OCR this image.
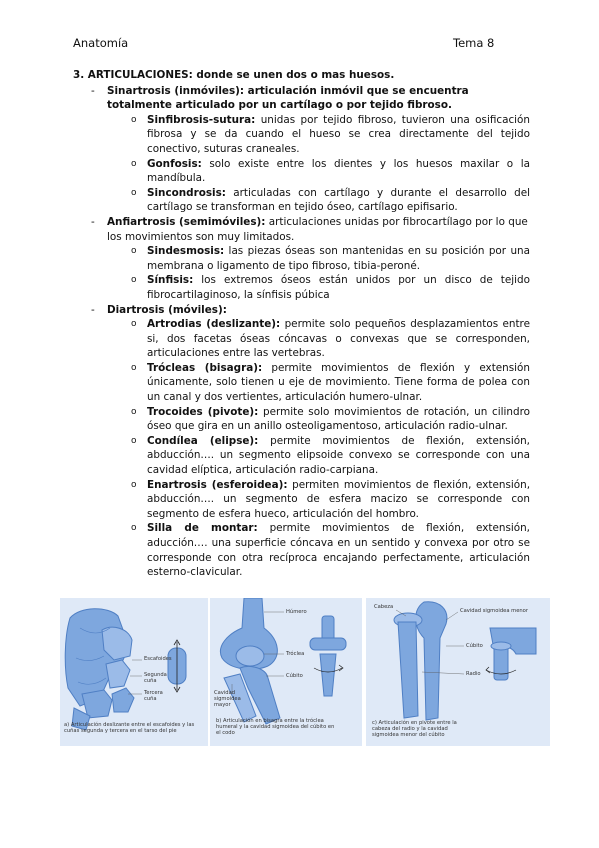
Anatomía	Tema 8
3. ARTICULACIONES: donde se unen dos o mas huesos.
- Sinartrosis (inmóviles): articulación inmóvil que se encuentra totalmente articulado por un cartílago o por tejido fibroso.
o Sinfibrosis-sutura: unidas por tejido fibroso, tuvieron una osificación fibrosa y se da cuando el hueso se crea directamente del tejido conectivo, suturas craneales.
o Gonfosis: solo existe entre los dientes y los huesos maxilar o la mandíbula.
o Sincondrosis: articuladas con cartílago y durante el desarrollo del cartílago se transforman en tejido óseo, cartílago epifisario.
- Anfiartrosis (semimóviles): articulaciones unidas por fibrocartílago por lo que los movimientos son muy limitados.
o Sindesmosis: las piezas óseas son mantenidas en su posición por una membrana o ligamento de tipo fibroso, tibia-peroné.
o Sínfisis: los extremos óseos están unidos por un disco de tejido fibrocartilaginoso, la sínfisis púbica
- Diartrosis (móviles):
o Artrodias (deslizante): permite solo pequeños desplazamientos entre si, dos facetas óseas cóncavas o convexas que se corresponden, articulaciones entre las vertebras.
o Trócleas (bisagra): permite movimientos de flexión y extensión únicamente, solo tienen u eje de movimiento. Tiene forma de polea con un canal y dos vertientes, articulación humero-ulnar.
o Trocoides (pivote): permite solo movimientos de rotación, un cilindro óseo que gira en un anillo osteoligamentoso, articulación radio-ulnar.
o Condílea (elipse): permite movimientos de flexión, extensión, abducción…. un segmento elipsoide convexo se corresponde con una cavidad elíptica, articulación radio-carpiana.
o Enartrosis (esferoidea): permiten movimientos de flexión, extensión, abducción…. un segmento de esfera macizo se corresponde con segmento de esfera hueco, articulación del hombro.
o Silla de montar: permite movimientos de flexión, extensión, aducción…. una superficie cóncava en un sentido y convexa por otro se corresponde con otra recíproca encajando perfectamente, articulación esterno-clavicular.
Escafoides
Segunda cuña
Tercera cuña
a) Articulación deslizante entre el escafoides y las cuñas segunda y tercera en el tarso del pie
Húmero
Tróclea
Cúbito
Cavidad sigmoidea mayor
b) Articulación en bisagra entre la tróclea humeral y la cavidad sigmoidea del cúbito en el codo
Cabeza
Cavidad sigmoidea menor
Cúbito
Radio
c) Articulación en pivote entre la cabeza del radio y la cavidad sigmoidea menor del cúbito
